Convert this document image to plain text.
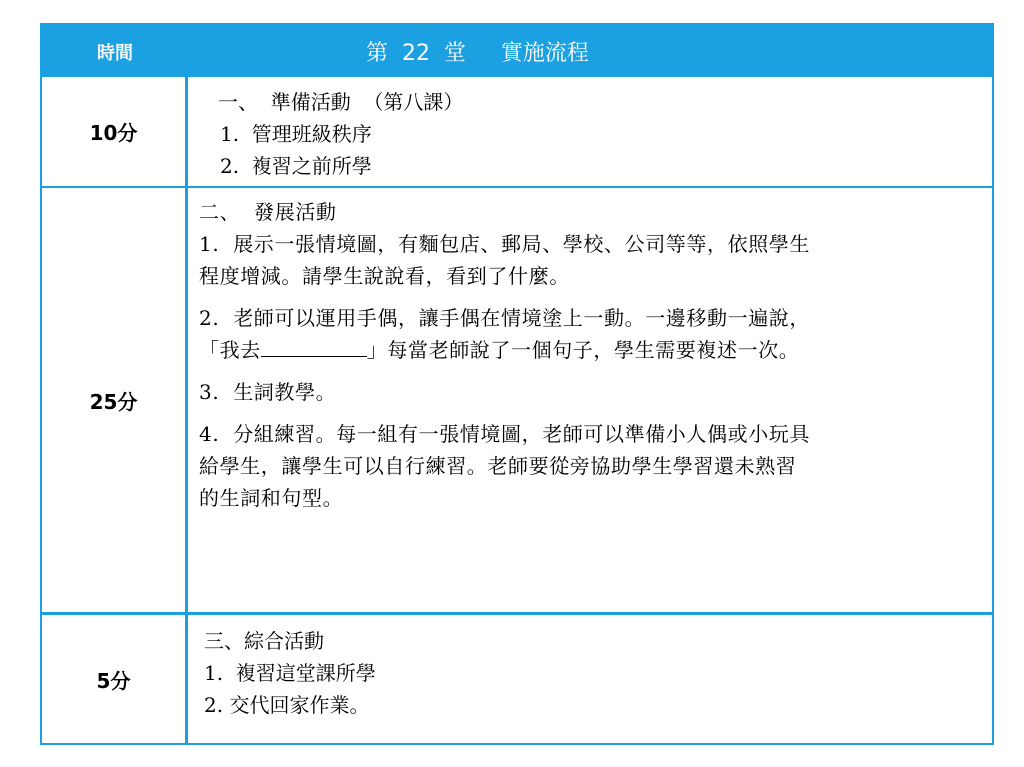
時間	第  22  堂     實施流程
10分
一、  準備活動  （第八課）
1.  管理班級秩序
2.  複習之前所學
25分
二、  發展活動
1.  展示一張情境圖，有麵包店、郵局、學校、公司等等，依照學生
程度增減。請學生說說看，看到了什麼。
2.  老師可以運用手偶，讓手偶在情境塗上一動。一邊移動一遍說，
「我去	」每當老師說了一個句子，學生需要複述一次。
3.  生詞教學。
4.  分組練習。每一組有一張情境圖，老師可以準備小人偶或小玩具
給學生，讓學生可以自行練習。老師要從旁協助學生學習還未熟習
的生詞和句型。
5分
三、綜合活動
1.  複習這堂課所學
2. 交代回家作業。
